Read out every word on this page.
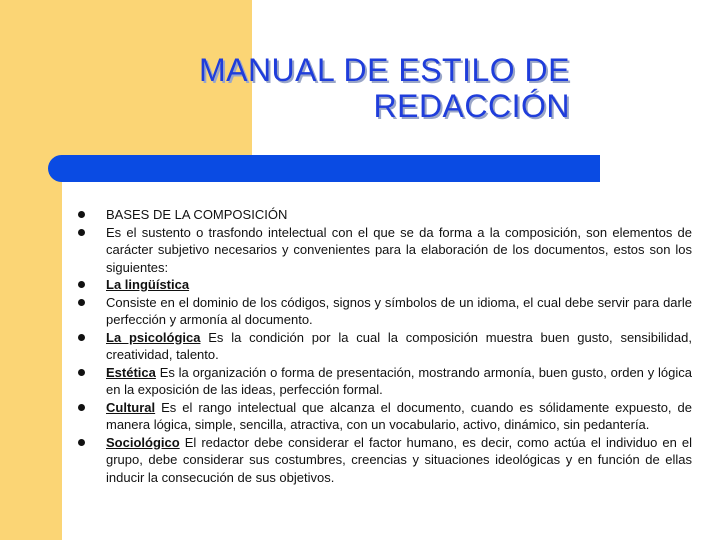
MANUAL DE ESTILO DE
REDACCIÓN
BASES DE LA COMPOSICIÓN
Es el sustento o trasfondo intelectual con el que se da forma a la composición, son elementos de carácter subjetivo necesarios y convenientes para la elaboración de los documentos, estos son los siguientes:
La lingüística
Consiste en el dominio de los códigos, signos y símbolos de un idioma, el cual debe servir para darle perfección y armonía al documento.
La psicológica Es la condición por la cual la composición muestra buen gusto, sensibilidad, creatividad, talento.
Estética Es la organización o forma de presentación, mostrando armonía, buen gusto, orden y lógica en la exposición de las ideas, perfección formal.
Cultural Es el rango intelectual que alcanza el documento, cuando es sólidamente expuesto, de manera lógica, simple, sencilla, atractiva, con un vocabulario, activo, dinámico, sin pedantería.
Sociológico El redactor debe considerar el factor humano, es decir, como actúa el individuo en el grupo, debe considerar sus costumbres, creencias y situaciones ideológicas y en función de ellas inducir la consecución de sus objetivos.
